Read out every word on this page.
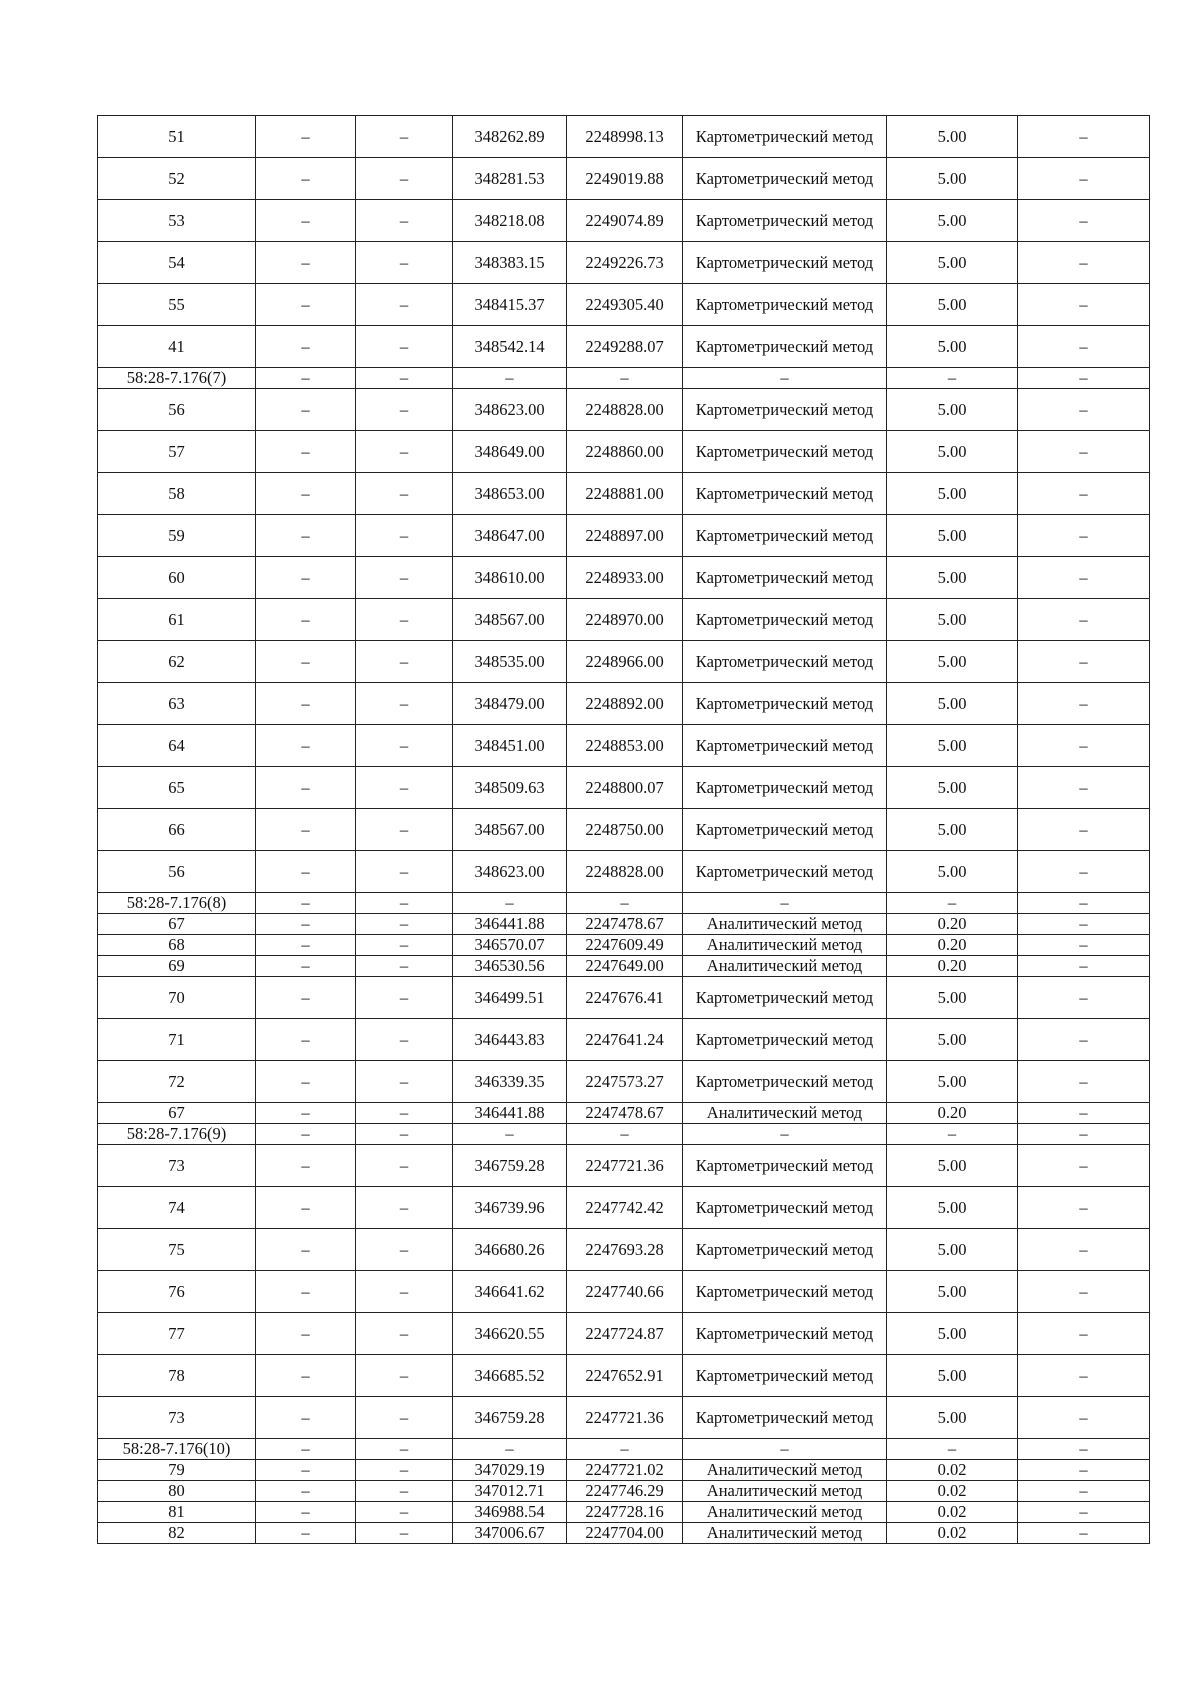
51	–	–	348262.89	2248998.13	Картометрический метод	5.00	–
52	–	–	348281.53	2249019.88	Картометрический метод	5.00	–
53	–	–	348218.08	2249074.89	Картометрический метод	5.00	–
54	–	–	348383.15	2249226.73	Картометрический метод	5.00	–
55	–	–	348415.37	2249305.40	Картометрический метод	5.00	–
41	–	–	348542.14	2249288.07	Картометрический метод	5.00	–
58:28-7.176(7)	–	–	–	–	–	–	–
56	–	–	348623.00	2248828.00	Картометрический метод	5.00	–
57	–	–	348649.00	2248860.00	Картометрический метод	5.00	–
58	–	–	348653.00	2248881.00	Картометрический метод	5.00	–
59	–	–	348647.00	2248897.00	Картометрический метод	5.00	–
60	–	–	348610.00	2248933.00	Картометрический метод	5.00	–
61	–	–	348567.00	2248970.00	Картометрический метод	5.00	–
62	–	–	348535.00	2248966.00	Картометрический метод	5.00	–
63	–	–	348479.00	2248892.00	Картометрический метод	5.00	–
64	–	–	348451.00	2248853.00	Картометрический метод	5.00	–
65	–	–	348509.63	2248800.07	Картометрический метод	5.00	–
66	–	–	348567.00	2248750.00	Картометрический метод	5.00	–
56	–	–	348623.00	2248828.00	Картометрический метод	5.00	–
58:28-7.176(8)	–	–	–	–	–	–	–
67	–	–	346441.88	2247478.67	Аналитический метод	0.20	–
68	–	–	346570.07	2247609.49	Аналитический метод	0.20	–
69	–	–	346530.56	2247649.00	Аналитический метод	0.20	–
70	–	–	346499.51	2247676.41	Картометрический метод	5.00	–
71	–	–	346443.83	2247641.24	Картометрический метод	5.00	–
72	–	–	346339.35	2247573.27	Картометрический метод	5.00	–
67	–	–	346441.88	2247478.67	Аналитический метод	0.20	–
58:28-7.176(9)	–	–	–	–	–	–	–
73	–	–	346759.28	2247721.36	Картометрический метод	5.00	–
74	–	–	346739.96	2247742.42	Картометрический метод	5.00	–
75	–	–	346680.26	2247693.28	Картометрический метод	5.00	–
76	–	–	346641.62	2247740.66	Картометрический метод	5.00	–
77	–	–	346620.55	2247724.87	Картометрический метод	5.00	–
78	–	–	346685.52	2247652.91	Картометрический метод	5.00	–
73	–	–	346759.28	2247721.36	Картометрический метод	5.00	–
58:28-7.176(10)	–	–	–	–	–	–	–
79	–	–	347029.19	2247721.02	Аналитический метод	0.02	–
80	–	–	347012.71	2247746.29	Аналитический метод	0.02	–
81	–	–	346988.54	2247728.16	Аналитический метод	0.02	–
82	–	–	347006.67	2247704.00	Аналитический метод	0.02	–
